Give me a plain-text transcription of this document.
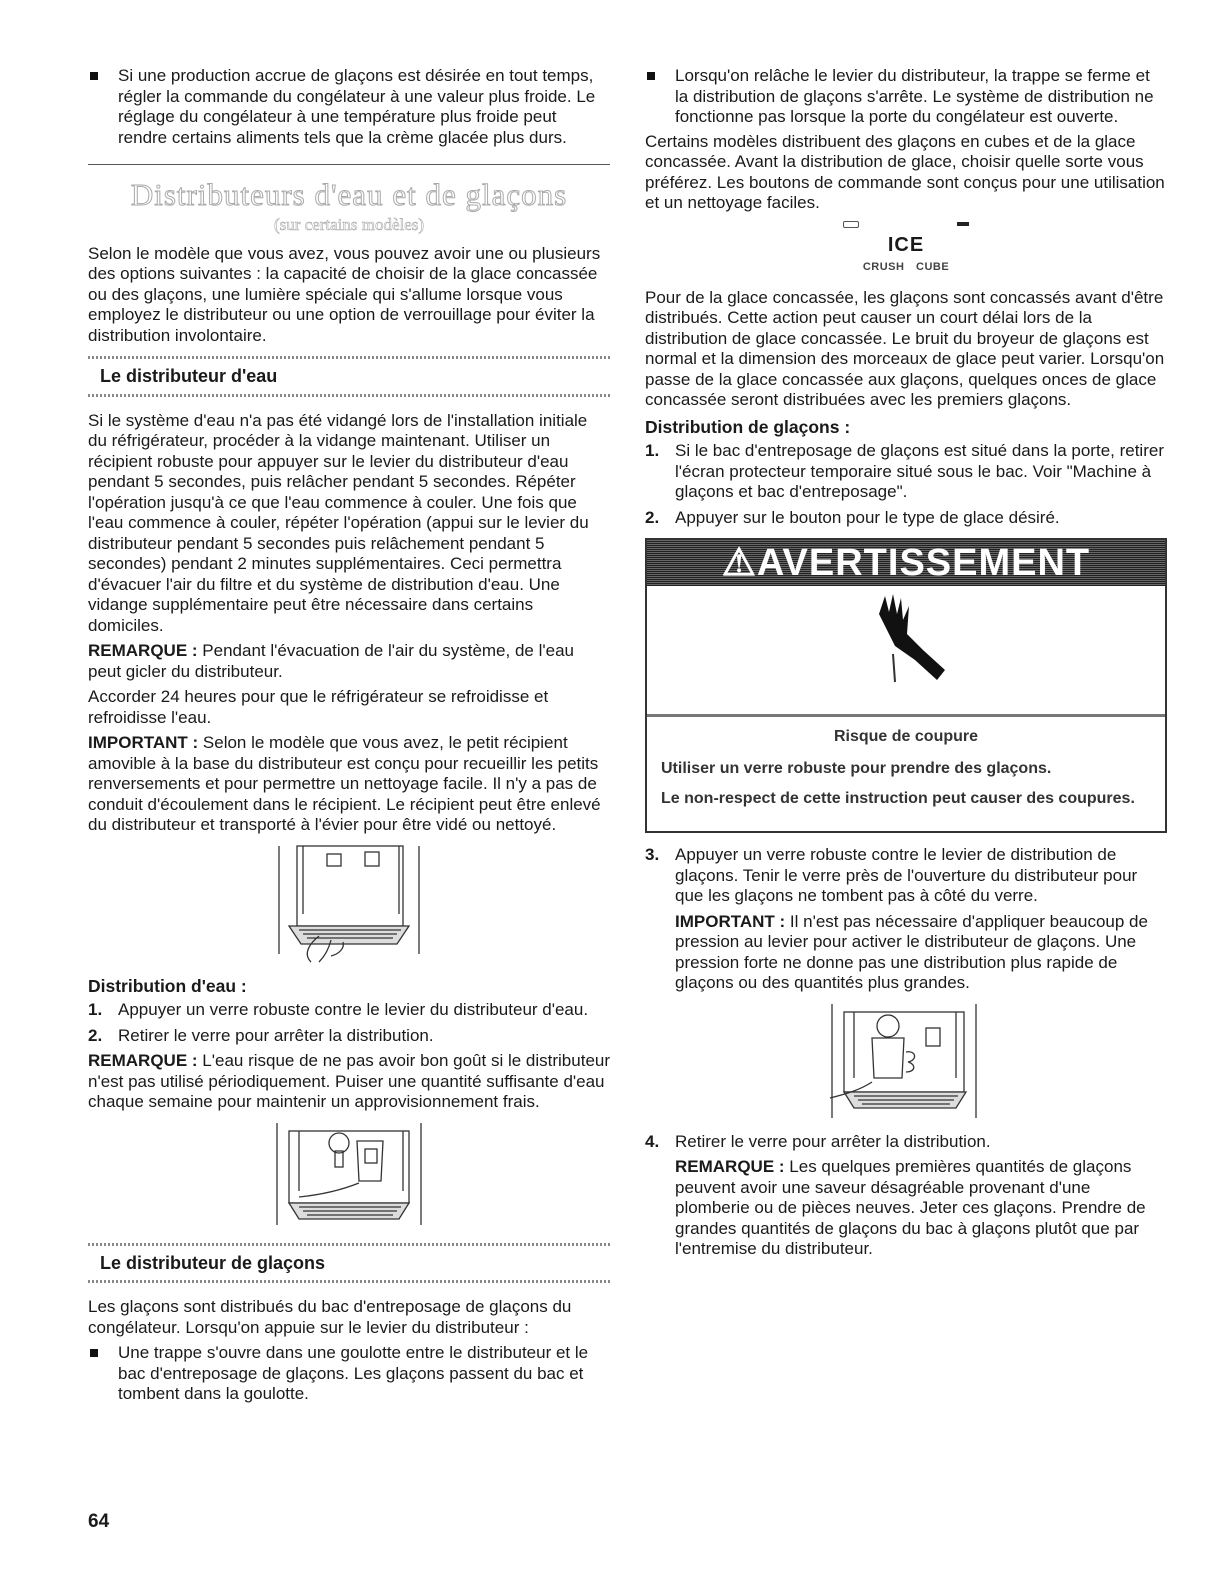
Si une production accrue de glaçons est désirée en tout temps, régler la commande du congélateur à une valeur plus froide. Le réglage du congélateur à une température plus froide peut rendre certains aliments tels que la crème glacée plus durs.
Distributeurs d'eau et de glaçons
(sur certains modèles)

Selon le modèle que vous avez, vous pouvez avoir une ou plusieurs des options suivantes : la capacité de choisir de la glace concassée ou des glaçons, une lumière spéciale qui s'allume lorsque vous employez le distributeur ou une option de verrouillage pour éviter la distribution involontaire.

Le distributeur d'eau

Si le système d'eau n'a pas été vidangé lors de l'installation initiale du réfrigérateur, procéder à la vidange maintenant. Utiliser un récipient robuste pour appuyer sur le levier du distributeur d'eau pendant 5 secondes, puis relâcher pendant 5 secondes. Répéter l'opération jusqu'à ce que l'eau commence à couler. Une fois que l'eau commence à couler, répéter l'opération (appui sur le levier du distributeur pendant 5 secondes puis relâchement pendant 5 secondes) pendant 2 minutes supplémentaires. Ceci permettra d'évacuer l'air du filtre et du système de distribution d'eau. Une vidange supplémentaire peut être nécessaire dans certains domiciles.

REMARQUE : Pendant l'évacuation de l'air du système, de l'eau peut gicler du distributeur.

Accorder 24 heures pour que le réfrigérateur se refroidisse et refroidisse l'eau.

IMPORTANT : Selon le modèle que vous avez, le petit récipient amovible à la base du distributeur est conçu pour recueillir les petits renversements et pour permettre un nettoyage facile. Il n'y a pas de conduit d'écoulement dans le récipient. Le récipient peut être enlevé du distributeur et transporté à l'évier pour être vidé ou nettoyé.

Distribution d'eau :
1. Appuyer un verre robuste contre le levier du distributeur d'eau.
2. Retirer le verre pour arrêter la distribution.

REMARQUE : L'eau risque de ne pas avoir bon goût si le distributeur n'est pas utilisé périodiquement. Puiser une quantité suffisante d'eau chaque semaine pour maintenir un approvisionnement frais.

Le distributeur de glaçons

Les glaçons sont distribués du bac d'entreposage de glaçons du congélateur. Lorsqu'on appuie sur le levier du distributeur :

Une trappe s'ouvre dans une goulotte entre le distributeur et le bac d'entreposage de glaçons. Les glaçons passent du bac et tombent dans la goulotte.
Lorsqu'on relâche le levier du distributeur, la trappe se ferme et la distribution de glaçons s'arrête. Le système de distribution ne fonctionne pas lorsque la porte du congélateur est ouverte.

Certains modèles distribuent des glaçons en cubes et de la glace concassée. Avant la distribution de glace, choisir quelle sorte vous préférez. Les boutons de commande sont conçus pour une utilisation et un nettoyage faciles.

ICE
CRUSH CUBE

Pour de la glace concassée, les glaçons sont concassés avant d'être distribués. Cette action peut causer un court délai lors de la distribution de glace concassée. Le bruit du broyeur de glaçons est normal et la dimension des morceaux de glace peut varier. Lorsqu'on passe de la glace concassée aux glaçons, quelques onces de glace concassée seront distribuées avec les premiers glaçons.

Distribution de glaçons :
1. Si le bac d'entreposage de glaçons est situé dans la porte, retirer l'écran protecteur temporaire situé sous le bac. Voir "Machine à glaçons et bac d'entreposage".
2. Appuyer sur le bouton pour le type de glace désiré.
⚠AVERTISSEMENT
Risque de coupure

Utiliser un verre robuste pour prendre des glaçons.

Le non-respect de cette instruction peut causer des coupures.

3. Appuyer un verre robuste contre le levier de distribution de glaçons. Tenir le verre près de l'ouverture du distributeur pour que les glaçons ne tombent pas à côté du verre.
IMPORTANT : Il n'est pas nécessaire d'appliquer beaucoup de pression au levier pour activer le distributeur de glaçons. Une pression forte ne donne pas une distribution plus rapide de glaçons ou des quantités plus grandes.
4. Retirer le verre pour arrêter la distribution.
REMARQUE : Les quelques premières quantités de glaçons peuvent avoir une saveur désagréable provenant d'une plomberie ou de pièces neuves. Jeter ces glaçons. Prendre de grandes quantités de glaçons du bac à glaçons plutôt que par l'entremise du distributeur.
64
